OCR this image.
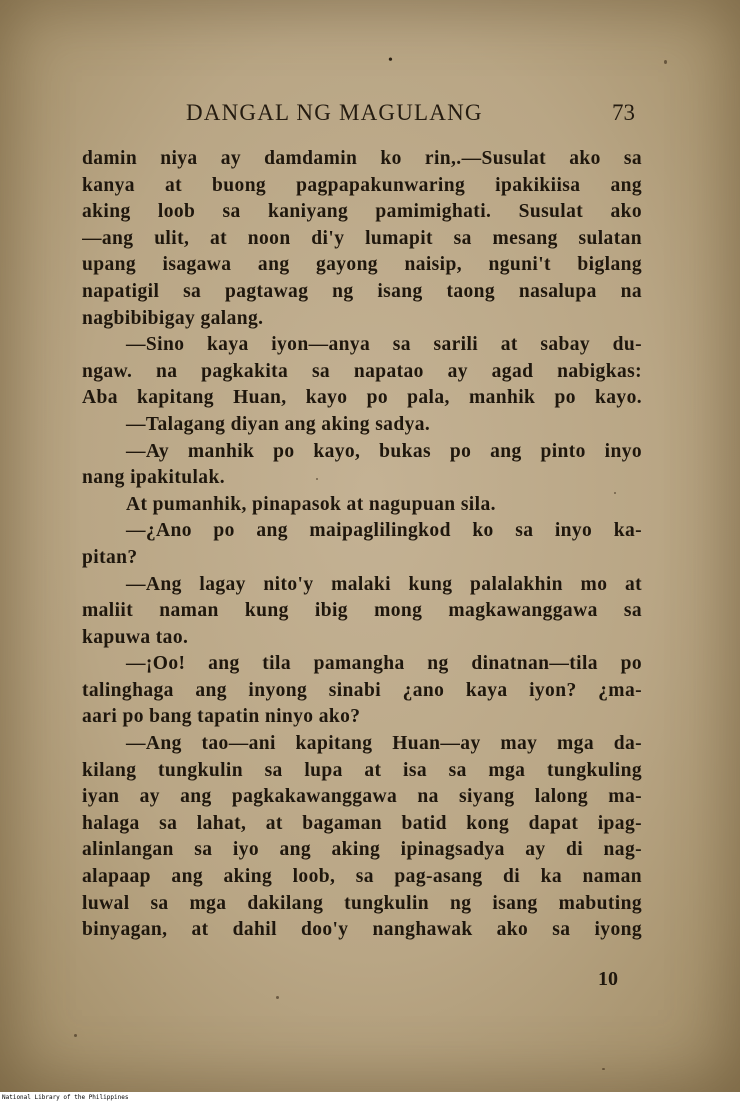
•
DANGAL NG MAGULANG	73
damin niya ay damdamin ko rin,.—Susulat ako sa
kanya at buong pagpapakunwaring ipakikiisa ang
aking loob sa kaniyang pamimighati. Susulat ako
—ang ulit, at noon di'y lumapit sa mesang sulatan
upang isagawa ang gayong naisip, nguni't biglang
napatigil sa pagtawag ng isang taong nasalupa na
nagbibibigay galang.
—Sino kaya iyon—anya sa sarili at sabay du-
ngaw. na pagkakita sa napatao ay agad nabigkas:
Aba kapitang Huan, kayo po pala, manhik po kayo.
—Talagang diyan ang aking sadya.
—Ay manhik po kayo, bukas po ang pinto inyo
nang ipakitulak.
At pumanhik, pinapasok at nagupuan sila.
—¿Ano po ang maipaglilingkod ko sa inyo ka-
pitan?
—Ang lagay nito'y malaki kung palalakhin mo at
maliit naman kung ibig mong magkawanggawa sa
kapuwa tao.
—¡Oo! ang tila pamangha ng dinatnan—tila po
talinghaga ang inyong sinabi ¿ano kaya iyon? ¿ma-
aari po bang tapatin ninyo ako?
—Ang tao—ani kapitang Huan—ay may mga da-
kilang tungkulin sa lupa at isa sa mga tungkuling
iyan ay ang pagkakawanggawa na siyang lalong ma-
halaga sa lahat, at bagaman batid kong dapat ipag-
alinlangan sa iyo ang aking ipinagsadya ay di nag-
alapaap ang aking loob, sa pag-asang di ka naman
luwal sa mga dakilang tungkulin ng isang mabuting
binyagan, at dahil doo'y nanghawak ako sa iyong
10
National Library of the Philippines
